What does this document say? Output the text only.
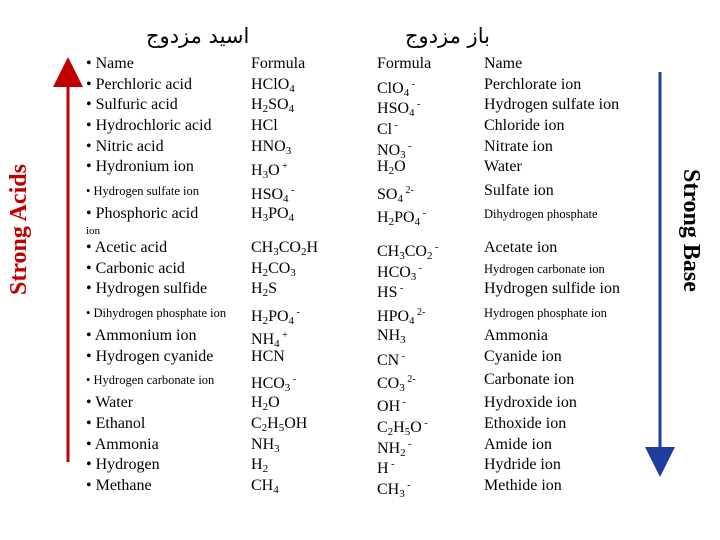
اسید مزدوج	باز مزدوج
Strong Acids	Strong Base
• Name
• Perchloric acid
• Sulfuric acid
• Hydrochloric acid
• Nitric acid
• Hydronium ion
• Hydrogen sulfate ion
• Phosphoric acid
ion
• Acetic acid
• Carbonic acid
• Hydrogen sulfide
• Dihydrogen phosphate ion
• Ammonium ion
• Hydrogen cyanide
• Hydrogen carbonate ion
• Water
• Ethanol
• Ammonia
• Hydrogen
• Methane
Formula
HClO$_4$
$H_2SO_4$
HCl
$HNO_3$
$H_3O$ +
$HSO_4$ -
$H_3PO_4$
$CH_3CO_2H$
$H_2CO_3$
$H_2S$
$H_2PO_4$ -
$NH_4$ +
HCN
$HCO_3$ -
$H_2O$
$C_2H_5OH$
$NH_3$
$H_2$
$CH_4$
Formula
ClO$_4$ -
$HSO_4$ -
Cl -
$NO_3$ -
$H_2O$
$SO_4$ $^{2-}$
$H_2PO_4$ -
$CH_3CO_2$ -
$HCO_3$ -
HS -
$HPO_4$ $^{2-}$
$NH_3$
CN -
$CO_3$ $^{2-}$
OH -
$C_2H_5O$ -
$NH_2$ -
H -
$CH_3$ -
Name
Perchlorate ion
Hydrogen sulfate ion
Chloride ion
Nitrate ion
Water
Sulfate ion
Dihydrogen phosphate
Acetate ion
Hydrogen carbonate ion
Hydrogen sulfide ion
Hydrogen phosphate ion
Ammonia
Cyanide ion
Carbonate ion
Hydroxide ion
Ethoxide ion
Amide ion
Hydride ion
Methide ion
